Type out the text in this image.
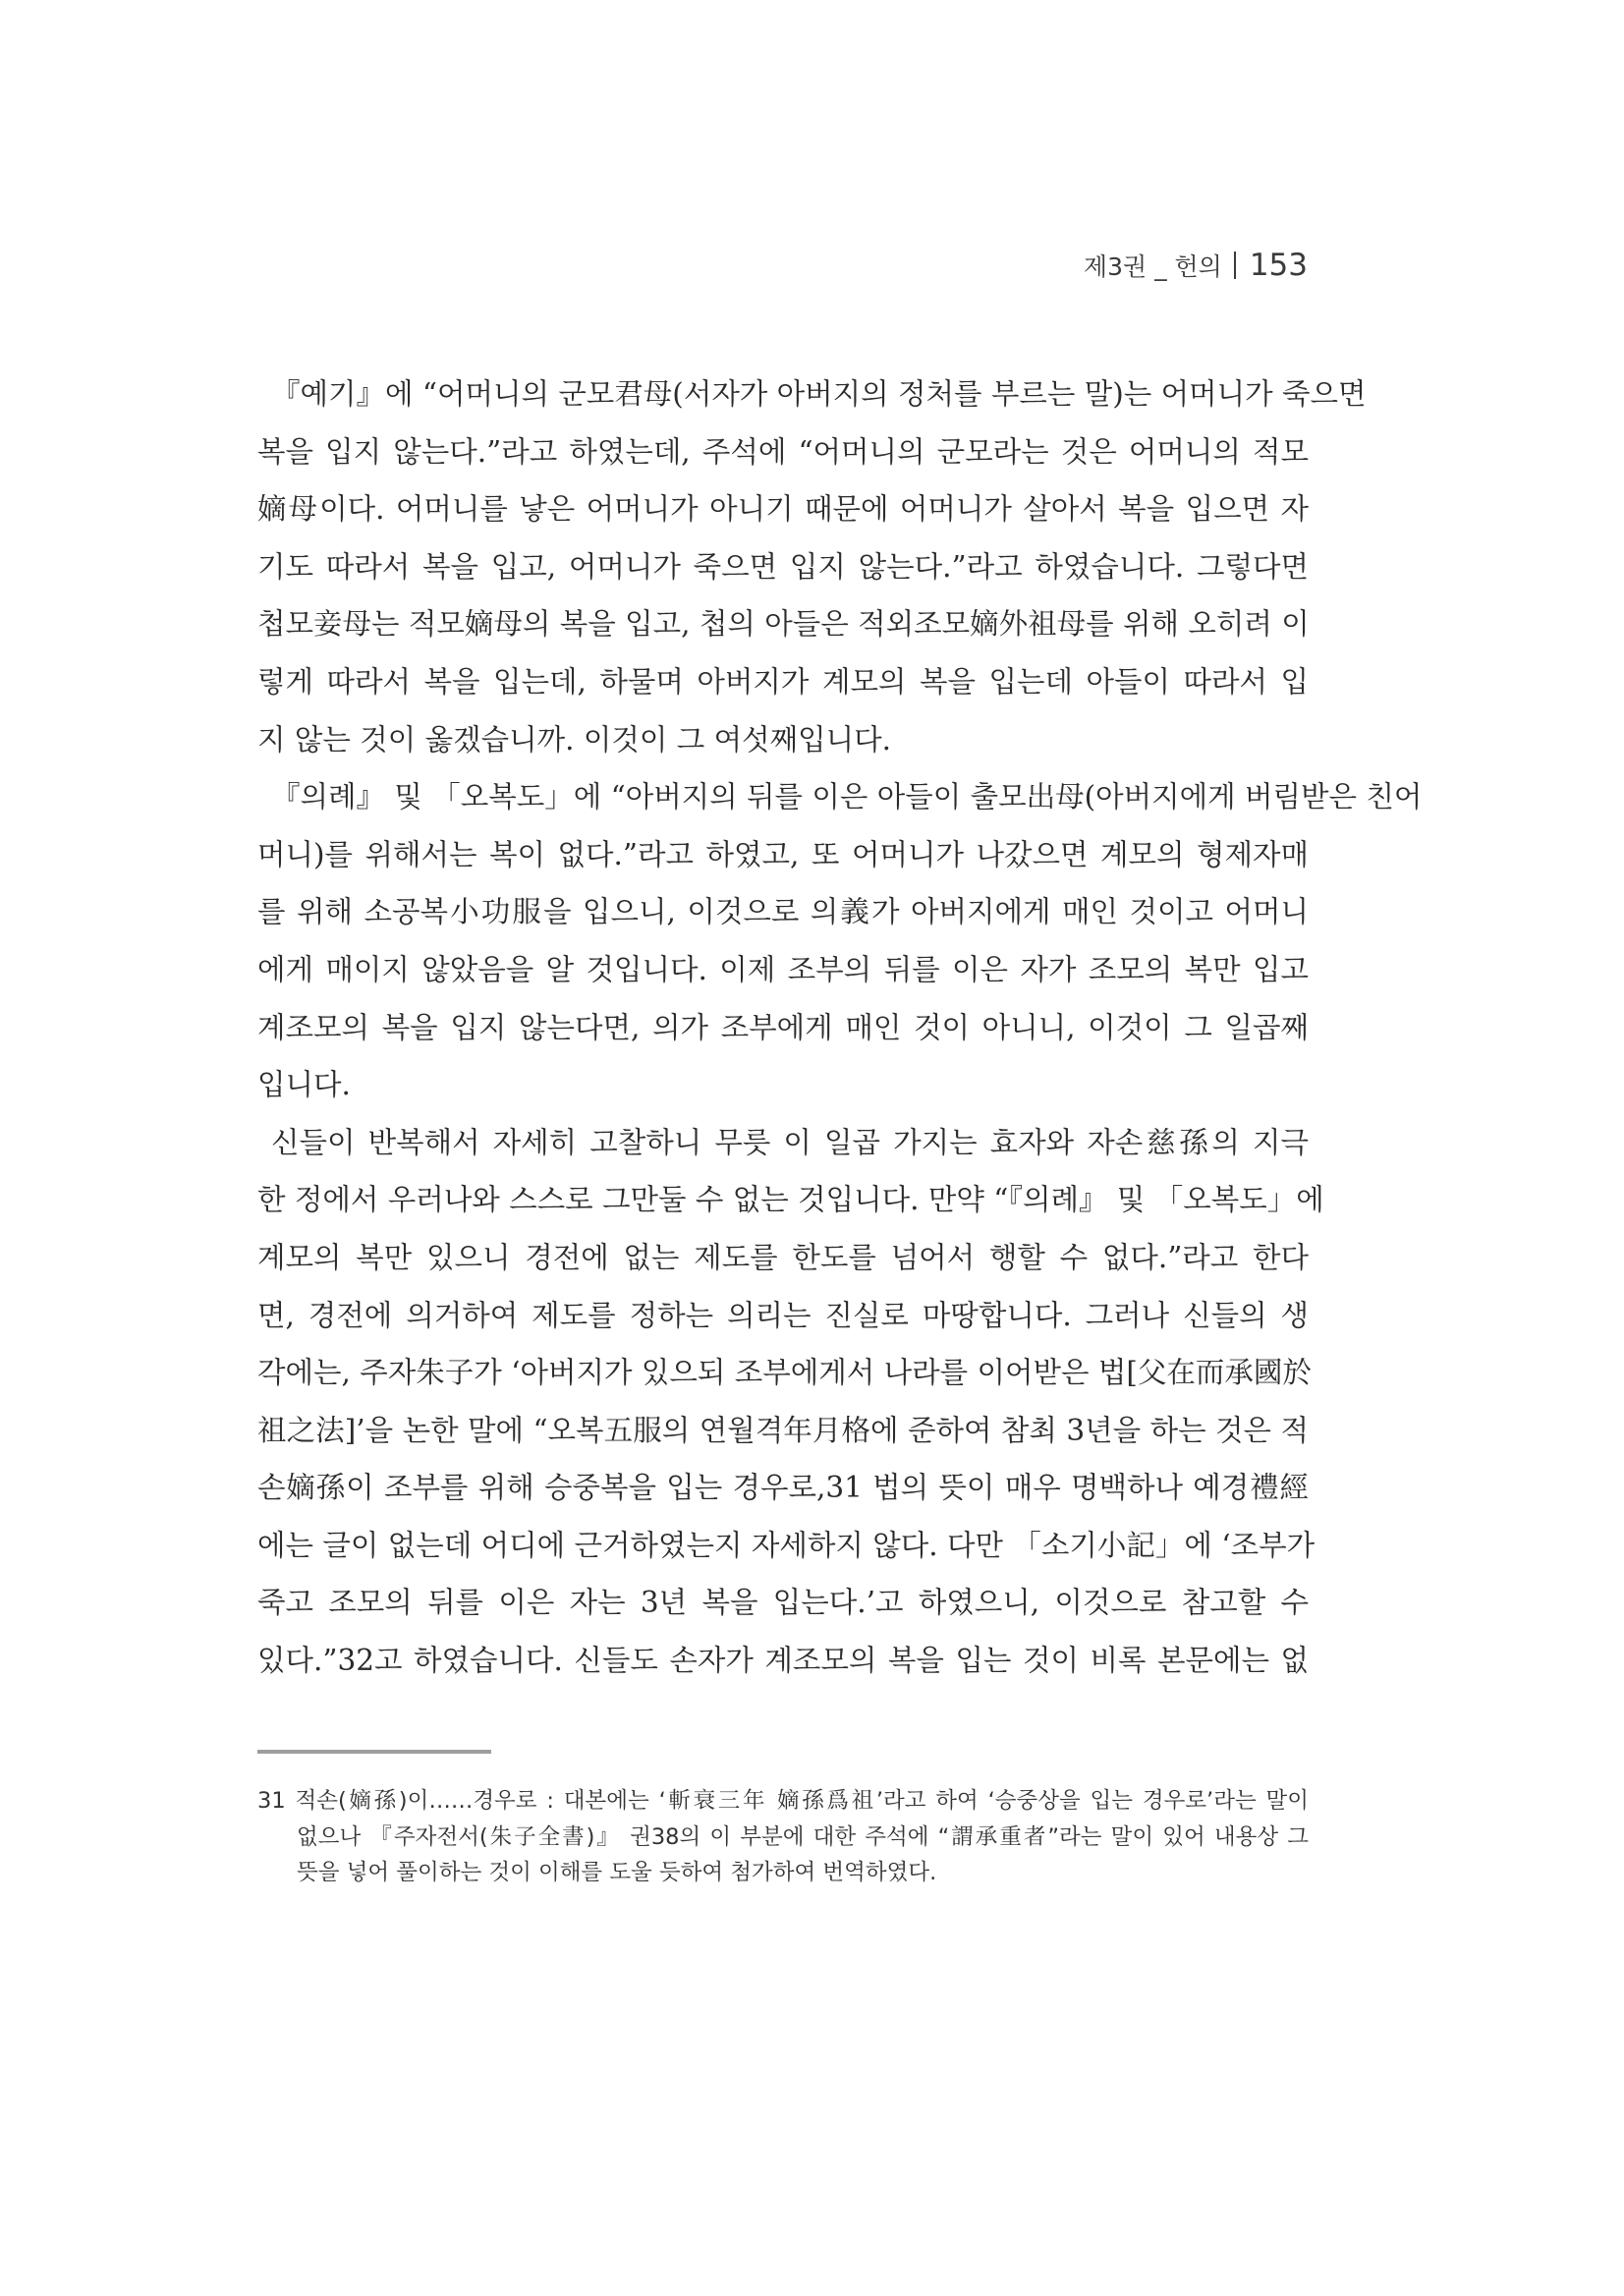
제3권 _ 헌의 153
『예기』에 “어머니의 군모君母(서자가 아버지의 정처를 부르는 말)는 어머니가 죽으면
복을 입지 않는다.”라고 하였는데, 주석에 “어머니의 군모라는 것은 어머니의 적모
嫡母이다. 어머니를 낳은 어머니가 아니기 때문에 어머니가 살아서 복을 입으면 자
기도 따라서 복을 입고, 어머니가 죽으면 입지 않는다.”라고 하였습니다. 그렇다면
첩모妾母는 적모嫡母의 복을 입고, 첩의 아들은 적외조모嫡外祖母를 위해 오히려 이
렇게 따라서 복을 입는데, 하물며 아버지가 계모의 복을 입는데 아들이 따라서 입
지 않는 것이 옳겠습니까. 이것이 그 여섯째입니다.
『의례』 및 「오복도」에 “아버지의 뒤를 이은 아들이 출모出母(아버지에게 버림받은 친어
머니)를 위해서는 복이 없다.”라고 하였고, 또 어머니가 나갔으면 계모의 형제자매
를 위해 소공복小功服을 입으니, 이것으로 의義가 아버지에게 매인 것이고 어머니
에게 매이지 않았음을 알 것입니다. 이제 조부의 뒤를 이은 자가 조모의 복만 입고
계조모의 복을 입지 않는다면, 의가 조부에게 매인 것이 아니니, 이것이 그 일곱째
입니다.
신들이 반복해서 자세히 고찰하니 무릇 이 일곱 가지는 효자와 자손慈孫의 지극
한 정에서 우러나와 스스로 그만둘 수 없는 것입니다. 만약 “『의례』 및 「오복도」에
계모의 복만 있으니 경전에 없는 제도를 한도를 넘어서 행할 수 없다.”라고 한다
면, 경전에 의거하여 제도를 정하는 의리는 진실로 마땅합니다. 그러나 신들의 생
각에는, 주자朱子가 ‘아버지가 있으되 조부에게서 나라를 이어받은 법[父在而承國於
祖之法]’을 논한 말에 “오복五服의 연월격年月格에 준하여 참최 3년을 하는 것은 적
손嫡孫이 조부를 위해 승중복을 입는 경우로,31 법의 뜻이 매우 명백하나 예경禮經
에는 글이 없는데 어디에 근거하였는지 자세하지 않다. 다만 「소기小記」에 ‘조부가
죽고 조모의 뒤를 이은 자는 3년 복을 입는다.’고 하였으니, 이것으로 참고할 수
있다.”32고 하였습니다. 신들도 손자가 계조모의 복을 입는 것이 비록 본문에는 없
31 적손(嫡孫)이……경우로 : 대본에는 ‘斬衰三年 嫡孫爲祖’라고 하여 ‘승중상을 입는 경우로’라는 말이
없으나 『주자전서(朱子全書)』 권38의 이 부분에 대한 주석에 “謂承重者”라는 말이 있어 내용상 그
뜻을 넣어 풀이하는 것이 이해를 도울 듯하여 첨가하여 번역하였다.
